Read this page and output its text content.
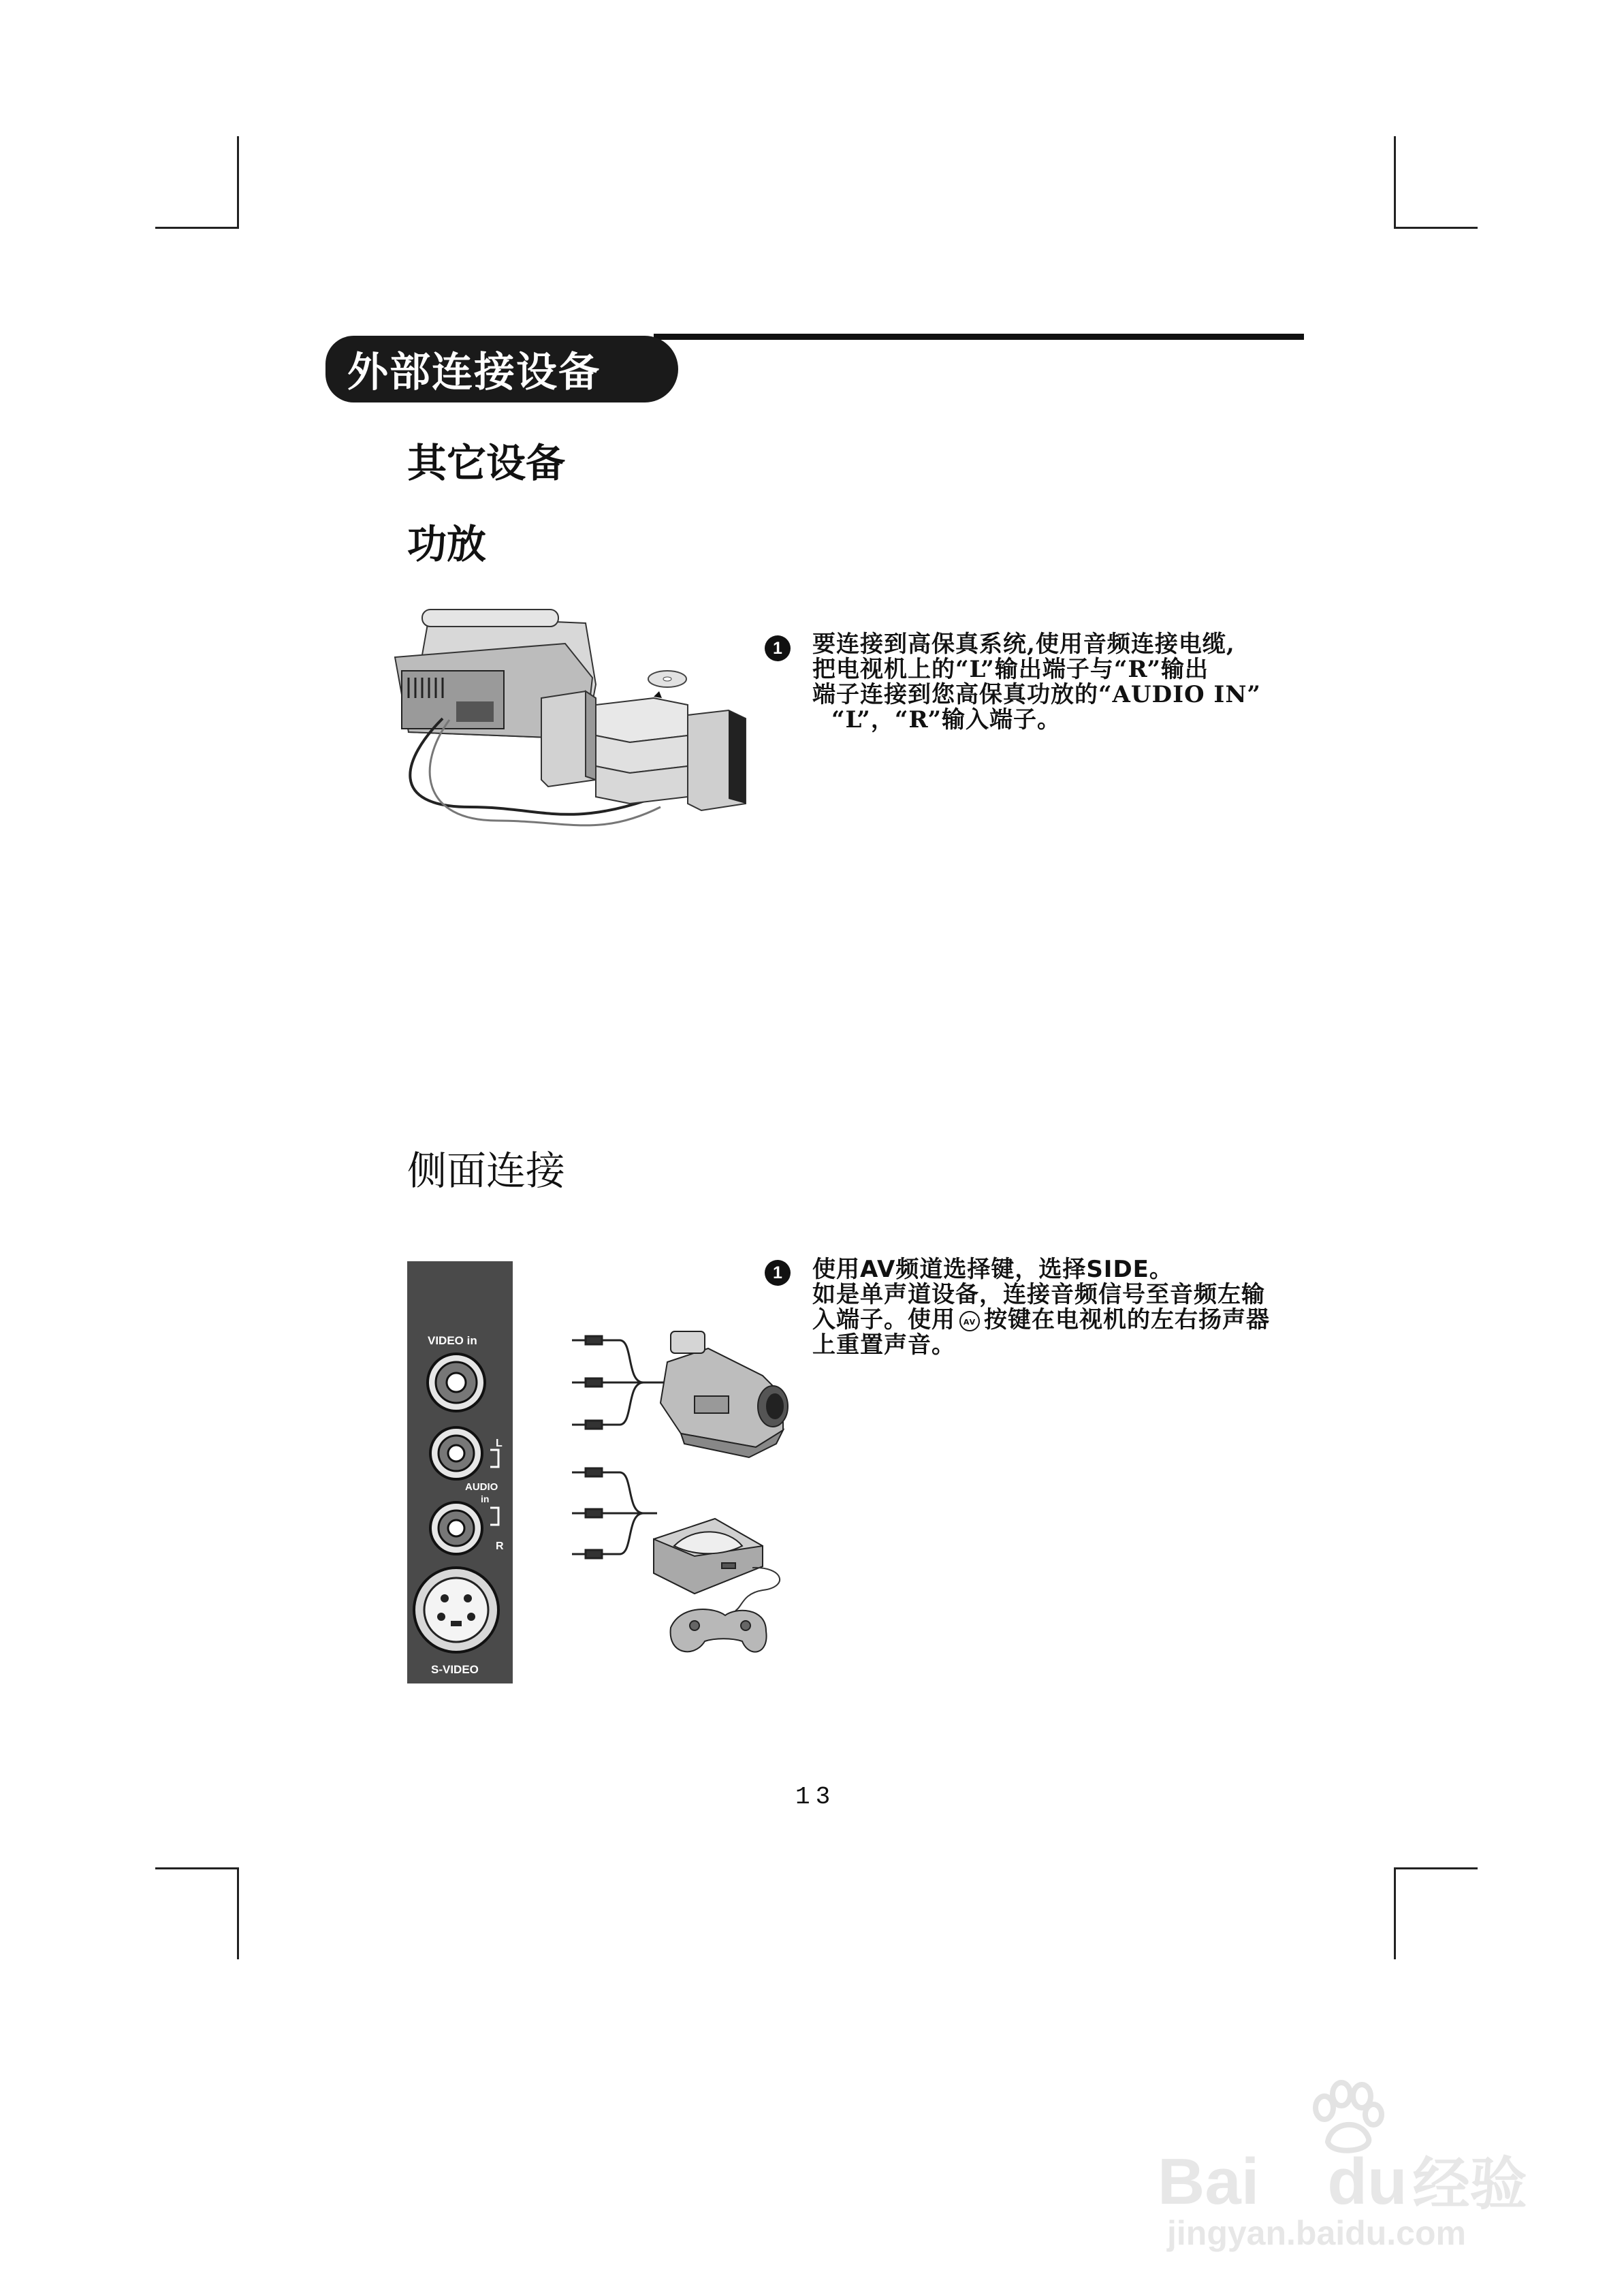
外部连接设备
其它设备
功放
1	要连接到高保真系统,使用音频连接电缆,

把电视机上的“L”输出端子与“R”输出

端子连接到您高保真功放的“AUDIO IN”

“L”，“R”输入端子。

侧面连接
VIDEO in
L
AUDIO
in
R
S-VIDEO
1	使用AV频道选择键，选择SIDE。

如是单声道设备，连接音频信号至音频左输

入端子。使用 AV 按键在电视机的左右扬声器

上重置声音。

13
Bai du经验
jingyan.baidu.com
